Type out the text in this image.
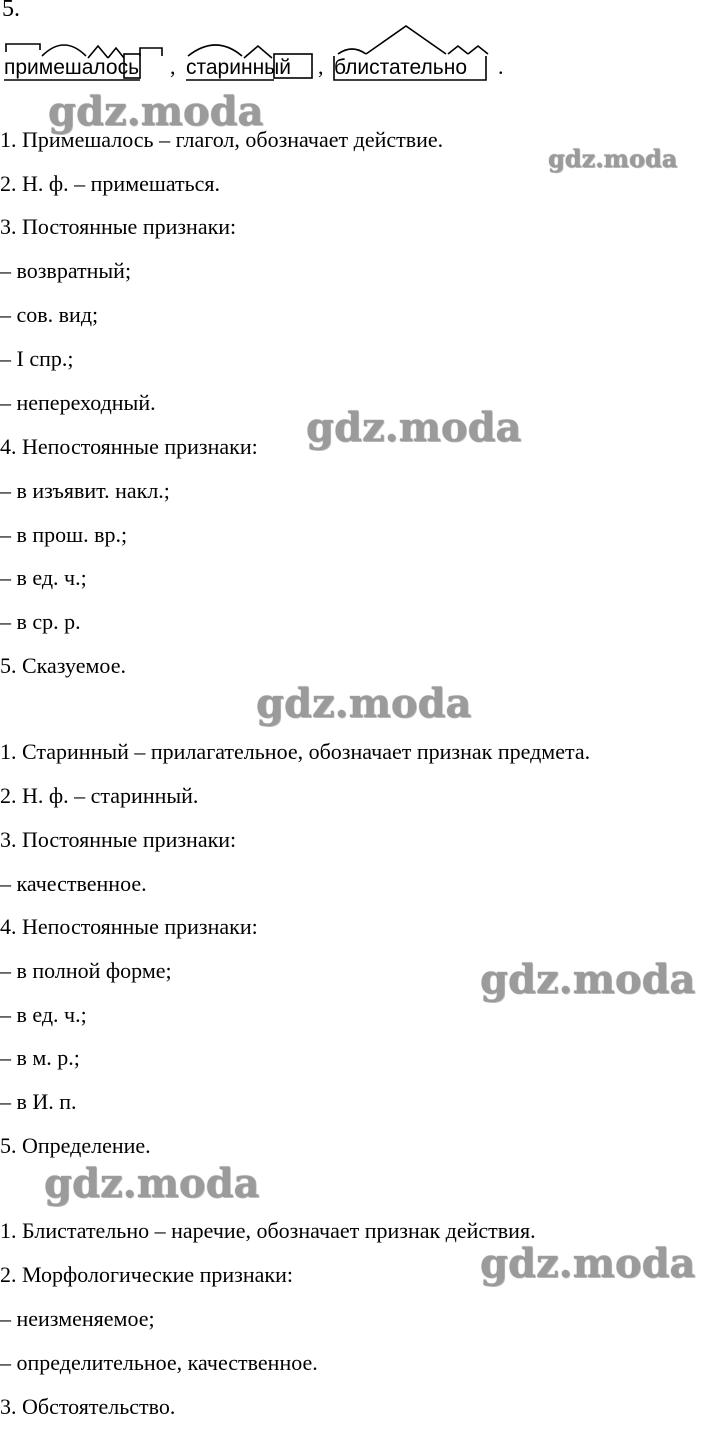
5.
примешалось , старинный , блистательно .
1. Примешалось – глагол, обозначает действие.
2. Н. ф. – примешаться.
3. Постоянные признаки:
– возвратный;
– сов. вид;
– I спр.;
– непереходный.
4. Непостоянные признаки:
– в изъявит. накл.;
– в прош. вр.;
– в ед. ч.;
– в ср. р.
5. Сказуемое.
1. Старинный – прилагательное, обозначает признак предмета.
2. Н. ф. – старинный.
3. Постоянные признаки:
– качественное.
4. Непостоянные признаки:
– в полной форме;
– в ед. ч.;
– в м. р.;
– в И. п.
5. Определение.
1. Блистательно – наречие, обозначает признак действия.
2. Морфологические признаки:
– неизменяемое;
– определительное, качественное.
3. Обстоятельство.
gdz.moda
gdz.moda
gdz.moda
gdz.moda
gdz.moda
gdz.moda
gdz.moda
